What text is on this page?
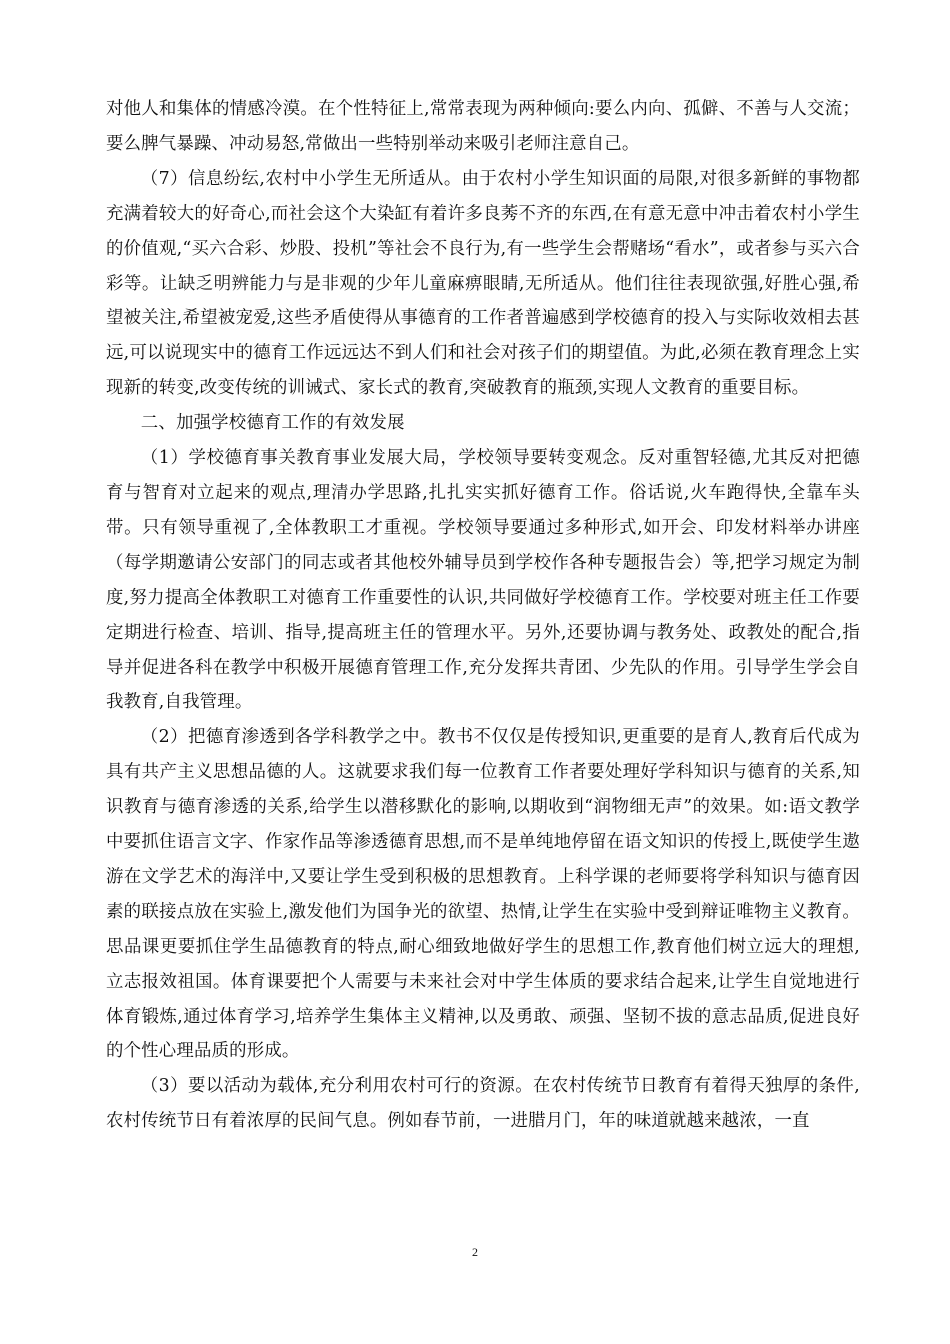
对他人和集体的情感冷漠。在个性特征上,常常表现为两种倾向:要么内向、孤僻、不善与人交流；要么脾气暴躁、冲动易怒,常做出一些特别举动来吸引老师注意自己。

（7）信息纷纭,农村中小学生无所适从。由于农村小学生知识面的局限,对很多新鲜的事物都充满着较大的好奇心,而社会这个大染缸有着许多良莠不齐的东西,在有意无意中冲击着农村小学生的价值观,“买六合彩、炒股、投机”等社会不良行为,有一些学生会帮赌场“看水”，或者参与买六合彩等。让缺乏明辨能力与是非观的少年儿童麻痹眼睛,无所适从。他们往往表现欲强,好胜心强,希望被关注,希望被宠爱,这些矛盾使得从事德育的工作者普遍感到学校德育的投入与实际收效相去甚远,可以说现实中的德育工作远远达不到人们和社会对孩子们的期望值。为此,必须在教育理念上实现新的转变,改变传统的训诫式、家长式的教育,突破教育的瓶颈,实现人文教育的重要目标。

二、加强学校德育工作的有效发展

（1）学校德育事关教育事业发展大局，学校领导要转变观念。反对重智轻德,尤其反对把德育与智育对立起来的观点,理清办学思路,扎扎实实抓好德育工作。俗话说,火车跑得快,全靠车头带。只有领导重视了,全体教职工才重视。学校领导要通过多种形式,如开会、印发材料举办讲座（每学期邀请公安部门的同志或者其他校外辅导员到学校作各种专题报告会）等,把学习规定为制度,努力提高全体教职工对德育工作重要性的认识,共同做好学校德育工作。学校要对班主任工作要定期进行检查、培训、指导,提高班主任的管理水平。另外,还要协调与教务处、政教处的配合,指导并促进各科在教学中积极开展德育管理工作,充分发挥共青团、少先队的作用。引导学生学会自我教育,自我管理。

（2）把德育渗透到各学科教学之中。教书不仅仅是传授知识,更重要的是育人,教育后代成为具有共产主义思想品德的人。这就要求我们每一位教育工作者要处理好学科知识与德育的关系,知识教育与德育渗透的关系,给学生以潜移默化的影响,以期收到“润物细无声”的效果。如:语文教学中要抓住语言文字、作家作品等渗透德育思想,而不是单纯地停留在语文知识的传授上,既使学生遨游在文学艺术的海洋中,又要让学生受到积极的思想教育。上科学课的老师要将学科知识与德育因素的联接点放在实验上,激发他们为国争光的欲望、热情,让学生在实验中受到辩证唯物主义教育。思品课更要抓住学生品德教育的特点,耐心细致地做好学生的思想工作,教育他们树立远大的理想,立志报效祖国。体育课要把个人需要与未来社会对中学生体质的要求结合起来,让学生自觉地进行体育锻炼,通过体育学习,培养学生集体主义精神,以及勇敢、顽强、坚韧不拔的意志品质,促进良好的个性心理品质的形成。

（3）要以活动为载体,充分利用农村可行的资源。在农村传统节日教育有着得天独厚的条件,农村传统节日有着浓厚的民间气息。例如春节前，一进腊月门，年的味道就越来越浓，一直

2
